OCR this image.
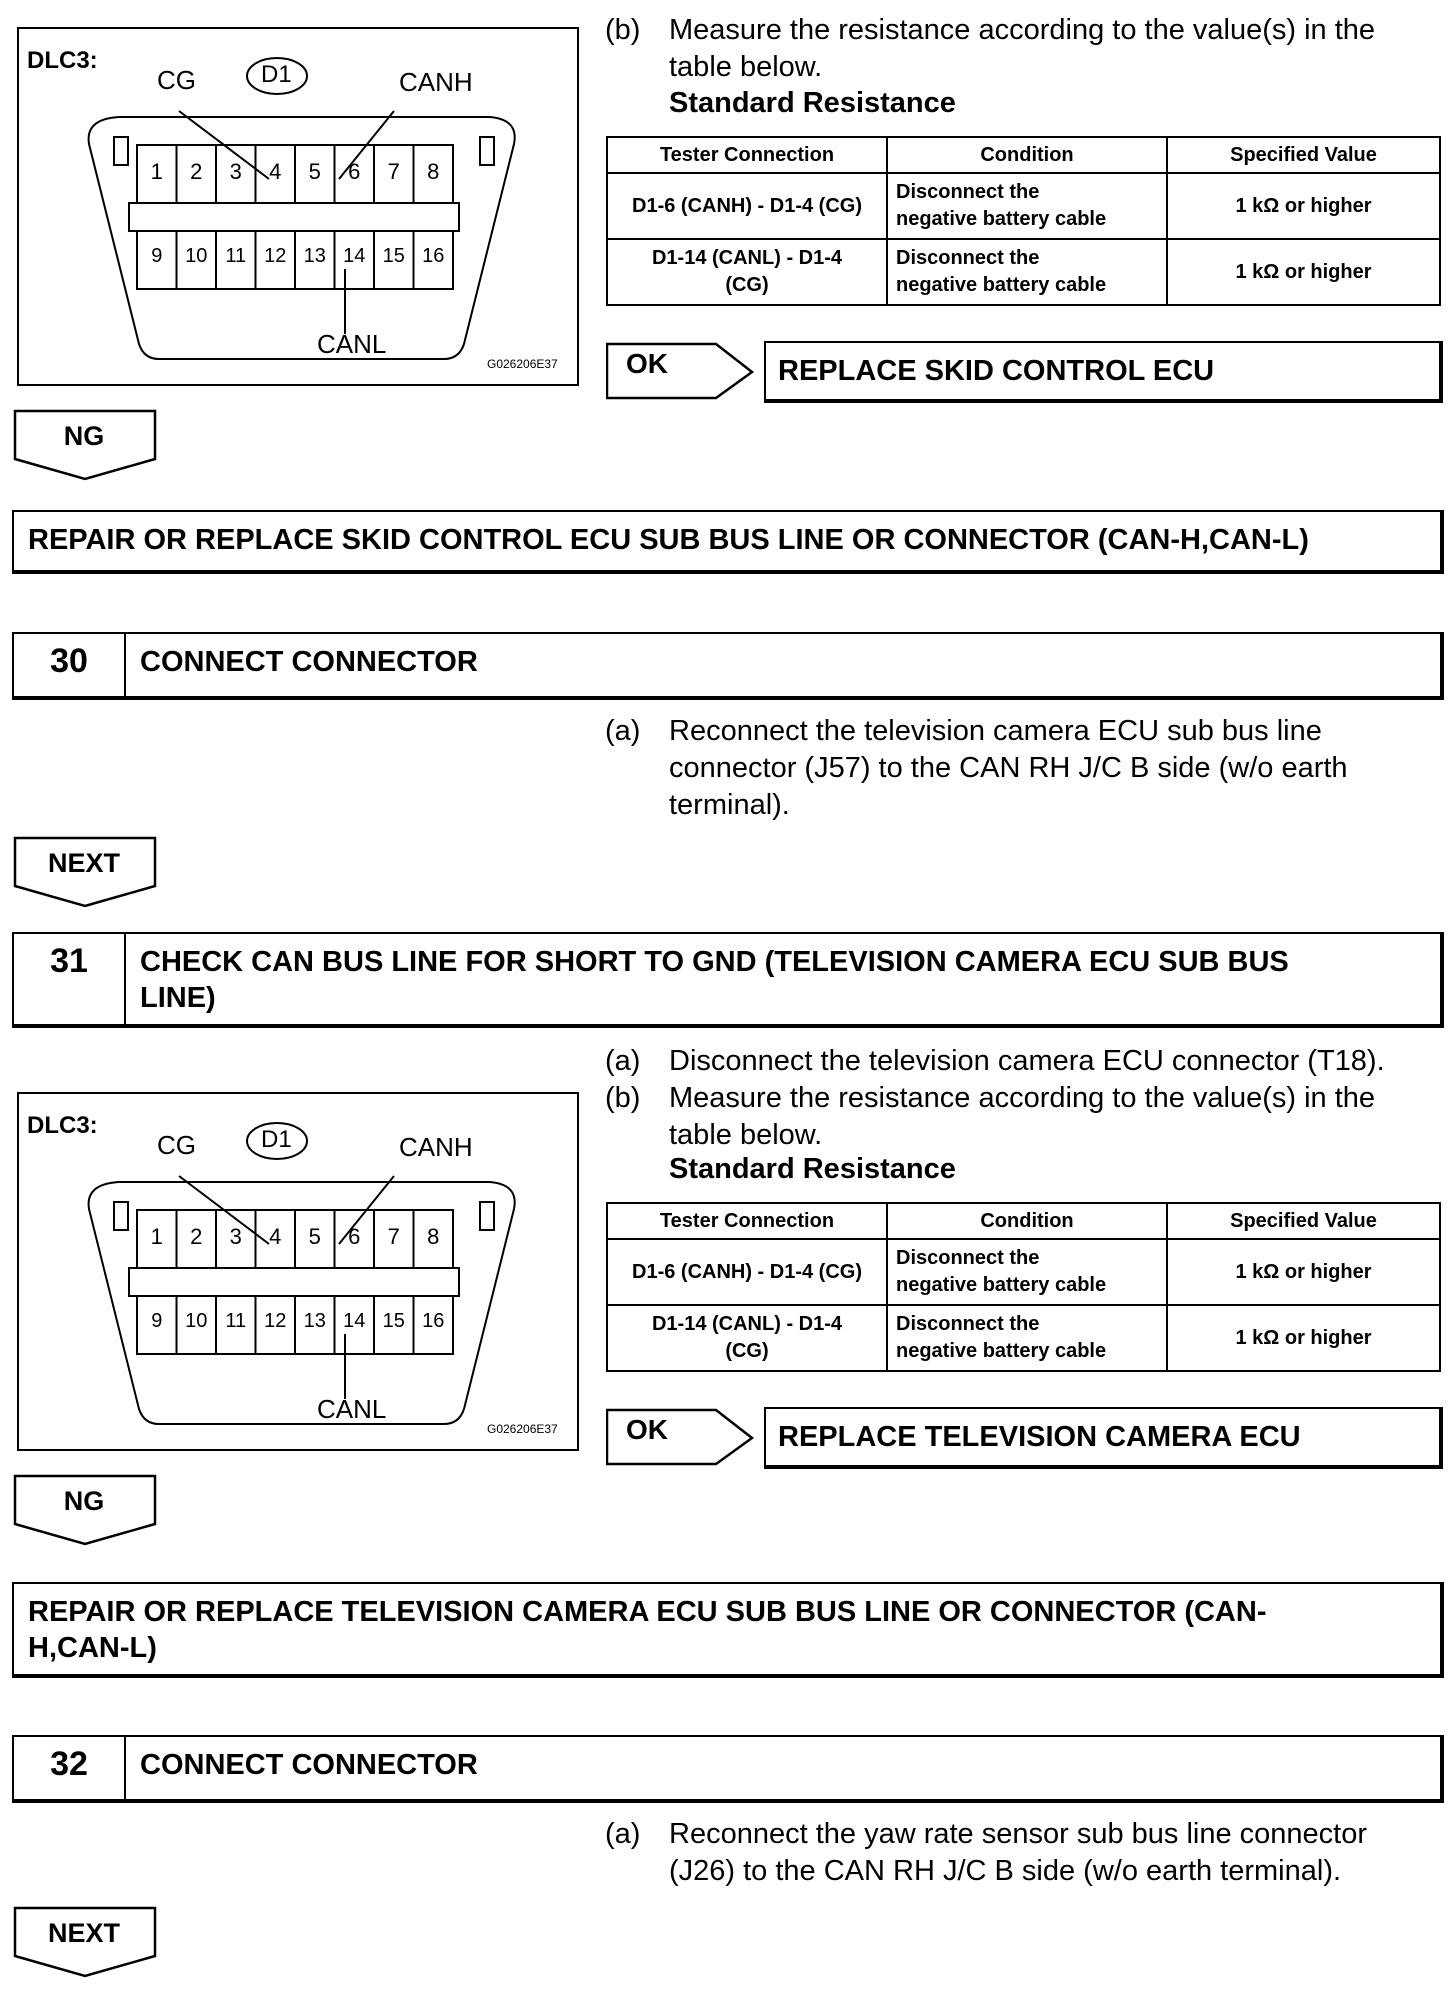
DLC3:
CG	D1	CANH
CANL
G026206E37
1	2	3	4	5	6	7	8
9	10 11 12 13 14 15 16
(b) Measure the resistance according to the value(s) in the
table below.
Standard Resistance
Tester Connection	Condition	Specified Value
D1-6 (CANH) - D1-4 (CG)	Disconnect the
negative battery cable	1 kΩ or higher
D1-14 (CANL) - D1-4
(CG)	Disconnect the
negative battery cable	1 kΩ or higher
OK	REPLACE SKID CONTROL ECU
NG
REPAIR OR REPLACE SKID CONTROL ECU SUB BUS LINE OR CONNECTOR (CAN-H,CAN-L)
30	CONNECT CONNECTOR
(a) Reconnect the television camera ECU sub bus line
connector (J57) to the CAN RH J/C B side (w/o earth
terminal).
NEXT
31	CHECK CAN BUS LINE FOR SHORT TO GND (TELEVISION CAMERA ECU SUB BUS
LINE)
(a) Disconnect the television camera ECU connector (T18).
(b) Measure the resistance according to the value(s) in the
table below.
Standard Resistance
DLC3:
CG	D1	CANH
CANL
G026206E37
1	2	3	4	5	6	7	8
9	10 11 12 13 14 15 16
Tester Connection	Condition	Specified Value
D1-6 (CANH) - D1-4 (CG)	Disconnect the
negative battery cable	1 kΩ or higher
D1-14 (CANL) - D1-4
(CG)	Disconnect the
negative battery cable	1 kΩ or higher
OK	REPLACE TELEVISION CAMERA ECU
NG
REPAIR OR REPLACE TELEVISION CAMERA ECU SUB BUS LINE OR CONNECTOR (CAN-
H,CAN-L)
32	CONNECT CONNECTOR
(a) Reconnect the yaw rate sensor sub bus line connector
(J26) to the CAN RH J/C B side (w/o earth terminal).
NEXT
